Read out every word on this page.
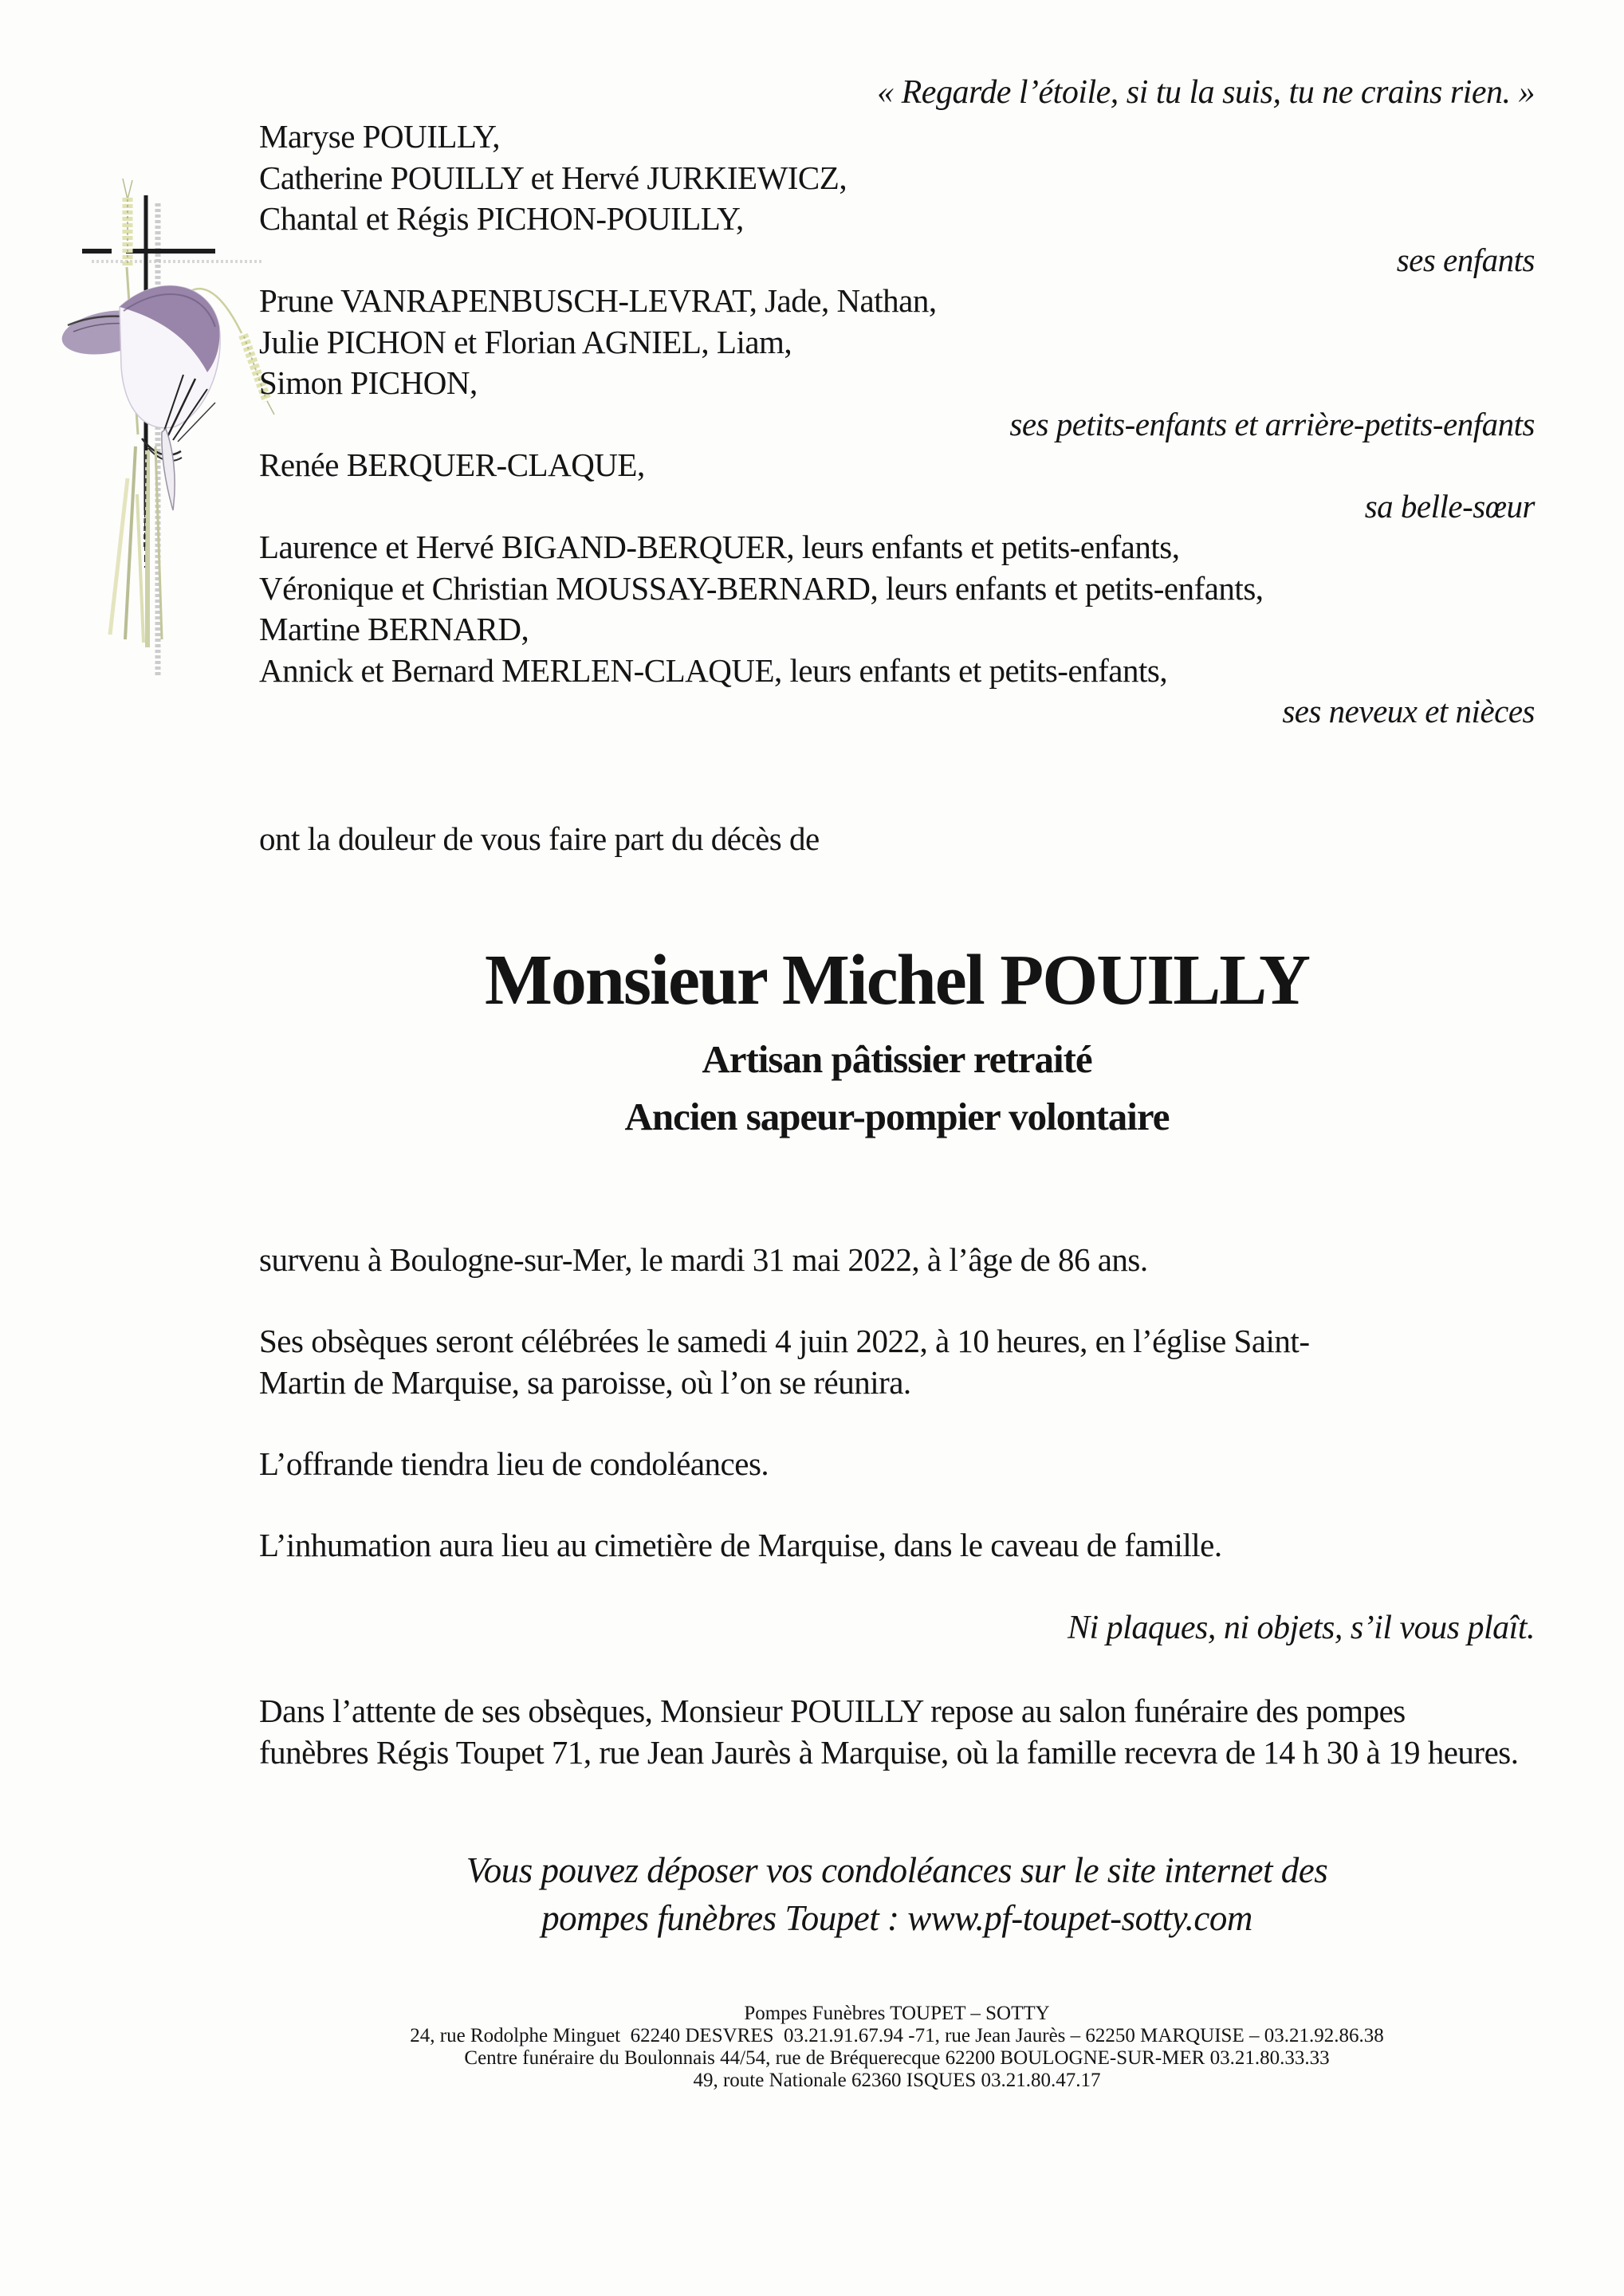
« Regarde l’étoile, si tu la suis, tu ne crains rien. »
Maryse POUILLY,
Catherine POUILLY et Hervé JURKIEWICZ,
Chantal et Régis PICHON-POUILLY,
ses enfants
Prune VANRAPENBUSCH-LEVRAT, Jade, Nathan,
Julie PICHON et Florian AGNIEL, Liam,
Simon PICHON,
ses petits-enfants et arrière-petits-enfants
Renée BERQUER-CLAQUE,
sa belle-sœur
Laurence et Hervé BIGAND-BERQUER, leurs enfants et petits-enfants,
Véronique et Christian MOUSSAY-BERNARD, leurs enfants et petits-enfants,
Martine BERNARD,
Annick et Bernard MERLEN-CLAQUE, leurs enfants et petits-enfants,
ses neveux et nièces
ont la douleur de vous faire part du décès de
Monsieur Michel POUILLY
Artisan pâtissier retraité
Ancien sapeur-pompier volontaire
survenu à Boulogne-sur-Mer, le mardi 31 mai 2022, à l’âge de 86 ans.
Ses obsèques seront célébrées le samedi 4 juin 2022, à 10 heures, en l’église Saint-Martin de Marquise, sa paroisse, où l’on se réunira.
L’offrande tiendra lieu de condoléances.
L’inhumation aura lieu au cimetière de Marquise, dans le caveau de famille.
Ni plaques, ni objets, s’il vous plaît.
Dans l’attente de ses obsèques, Monsieur POUILLY repose au salon funéraire des pompes funèbres Régis Toupet 71, rue Jean Jaurès à Marquise, où la famille recevra de 14 h 30 à 19 heures.
Vous pouvez déposer vos condoléances sur le site internet des
pompes funèbres Toupet : www.pf-toupet-sotty.com
Pompes Funèbres TOUPET – SOTTY
24, rue Rodolphe Minguet  62240 DESVRES  03.21.91.67.94 -71, rue Jean Jaurès – 62250 MARQUISE – 03.21.92.86.38
Centre funéraire du Boulonnais 44/54, rue de Bréquerecque 62200 BOULOGNE-SUR-MER 03.21.80.33.33
49, route Nationale 62360 ISQUES 03.21.80.47.17
